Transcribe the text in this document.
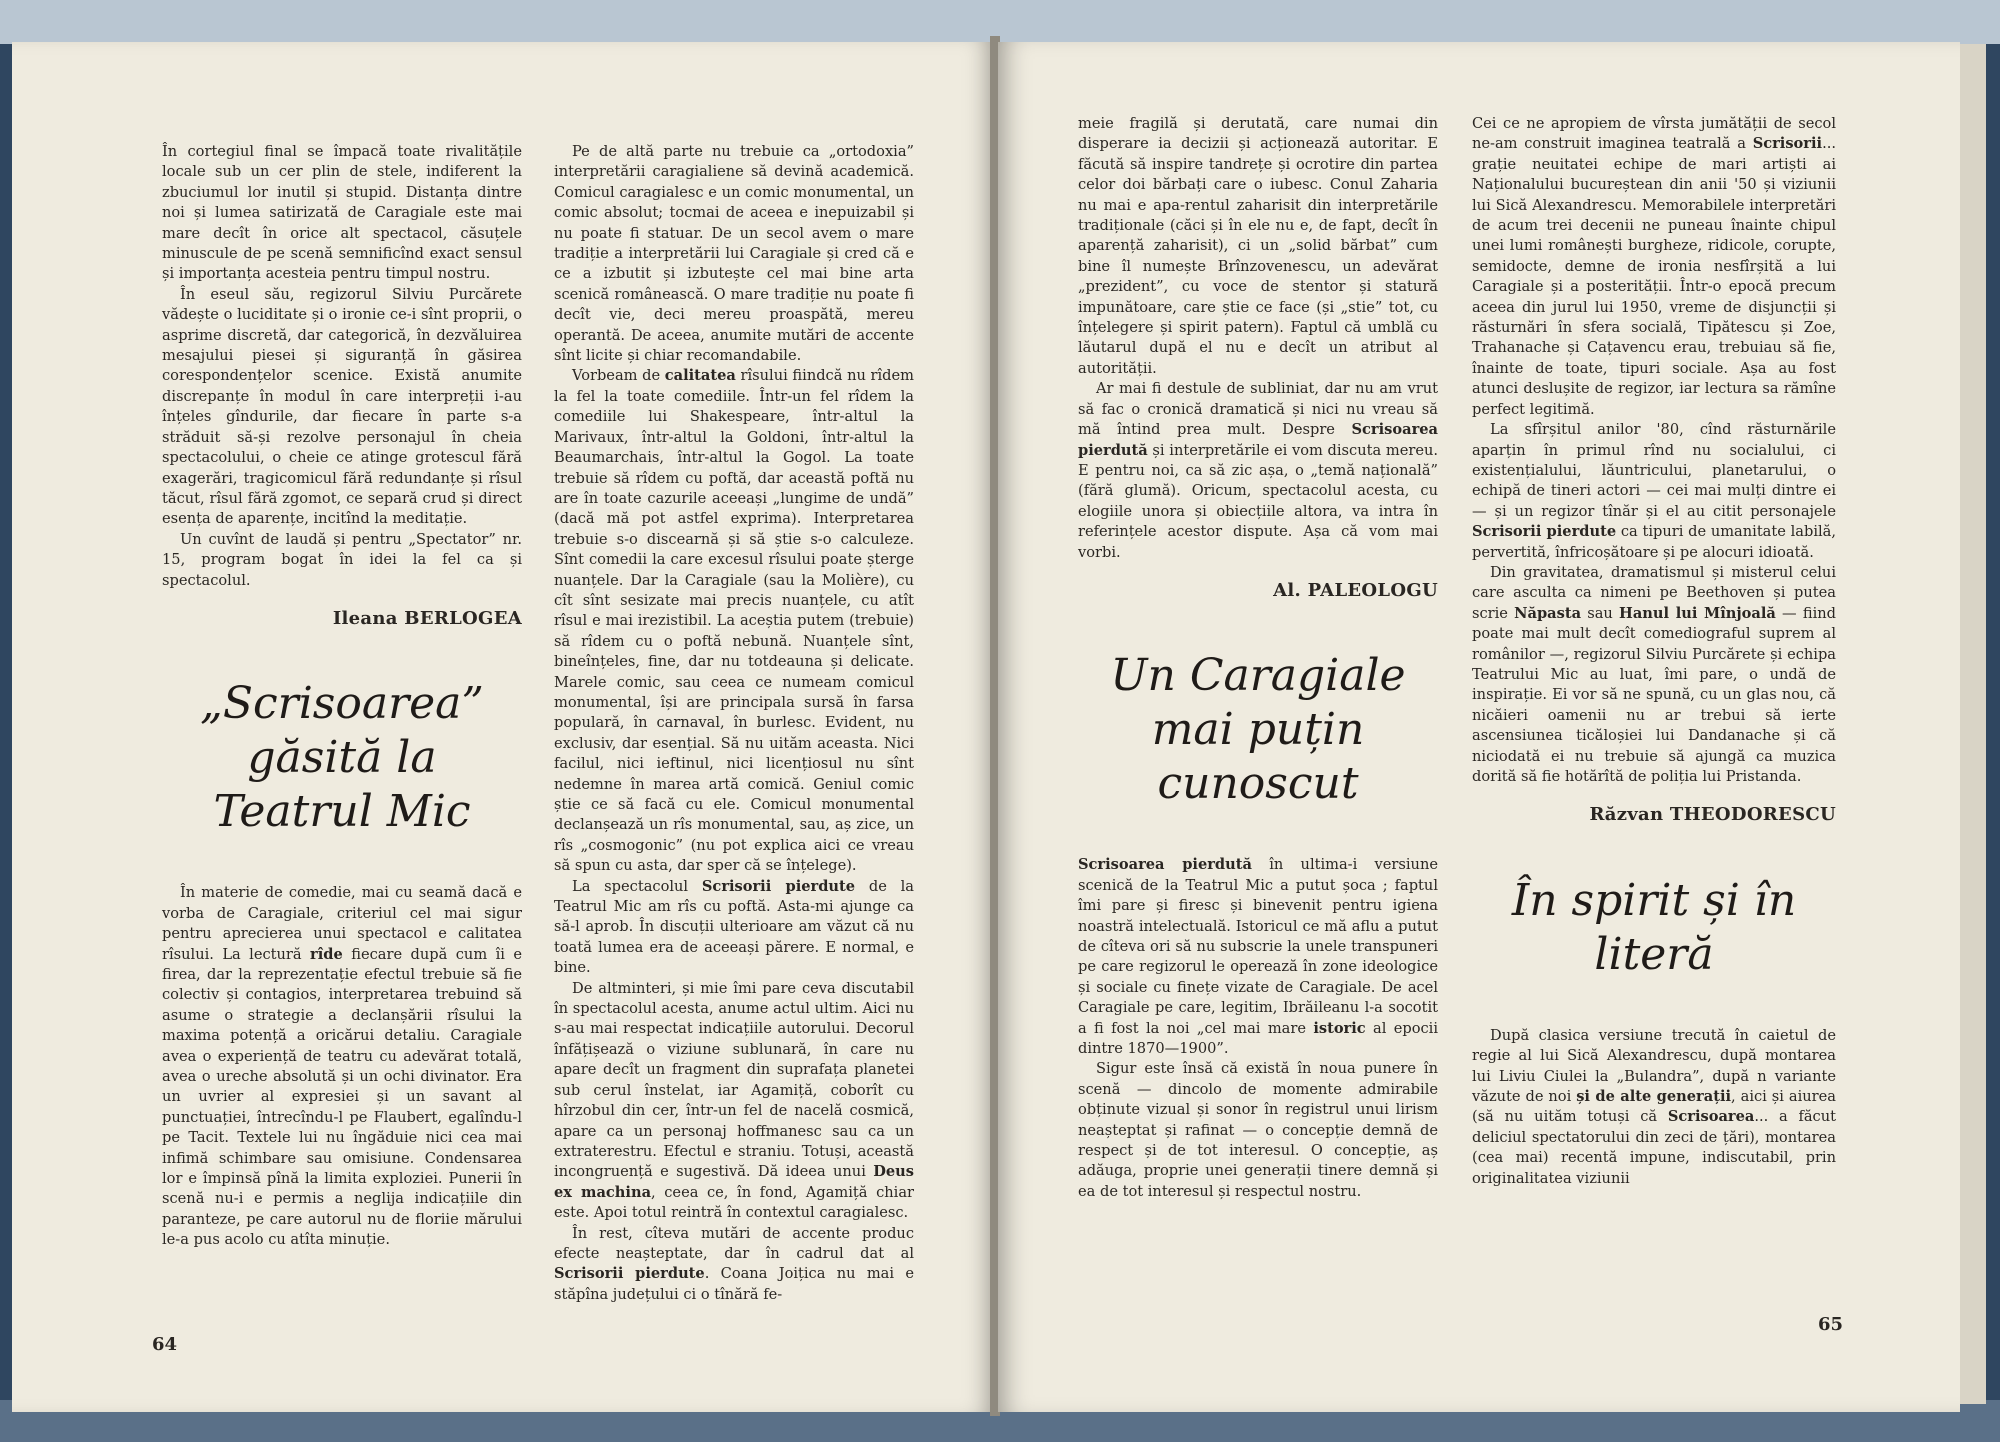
În cortegiul final se împacă toate rivalitățile locale sub un cer plin de stele, indiferent la zbuciumul lor inutil și stupid. Distanța dintre noi și lumea satirizată de Caragiale este mai mare decît în orice alt spectacol, căsuțele minuscule de pe scenă semnificînd exact sensul și importanța acesteia pentru timpul nostru.

În eseul său, regizorul Silviu Purcărete vădește o luciditate și o ironie ce-i sînt proprii, o asprime discretă, dar categorică, în dezvăluirea mesajului piesei și siguranță în găsirea corespondențelor scenice. Există anumite discrepanțe în modul în care interpreții i-au înțeles gîndurile, dar fiecare în parte s-a străduit să-și rezolve personajul în cheia spectacolului, o cheie ce atinge grotescul fără exagerări, tragicomicul fără redundanțe și rîsul tăcut, rîsul fără zgomot, ce separă crud și direct esența de aparențe, incitînd la meditație.

Un cuvînt de laudă și pentru „Spectator” nr. 15, program bogat în idei la fel ca și spectacolul.

Ileana BERLOGEA
„Scrisoarea” găsită la Teatrul Mic

În materie de comedie, mai cu seamă dacă e vorba de Caragiale, criteriul cel mai sigur pentru aprecierea unui spectacol e calitatea rîsului. La lectură rîde fiecare după cum îi e firea, dar la reprezentație efectul trebuie să fie colectiv și contagios, interpretarea trebuind să asume o strategie a declanșării rîsului la maxima potență a oricărui detaliu. Caragiale avea o experiență de teatru cu adevărat totală, avea o ureche absolută și un ochi divinator. Era un uvrier al expresiei și un savant al punctuației, întrecîndu-l pe Flaubert, egalîndu-l pe Tacit. Textele lui nu îngăduie nici cea mai infimă schimbare sau omisiune. Condensarea lor e împinsă pînă la limita exploziei. Punerii în scenă nu-i e permis a neglija indicațiile din paranteze, pe care autorul nu de floriie mărului le-a pus acolo cu atîta minuție.

Pe de altă parte nu trebuie ca „ortodoxia” interpretării caragialiene să devină academică. Comicul caragialesc e un comic monumental, un comic absolut; tocmai de aceea e inepuizabil și nu poate fi statuar. De un secol avem o mare tradiție a interpretării lui Caragiale și cred că e ce a izbutit și izbutește cel mai bine arta scenică românească. O mare tradiție nu poate fi decît vie, deci mereu proaspătă, mereu operantă. De aceea, anumite mutări de accente sînt licite și chiar recomandabile.

Vorbeam de calitatea rîsului fiindcă nu rîdem la fel la toate comediile. Într-un fel rîdem la comediile lui Shakespeare, într-altul la Marivaux, într-altul la Goldoni, într-altul la Beaumarchais, într-altul la Gogol. La toate trebuie să rîdem cu poftă, dar această poftă nu are în toate cazurile aceeași „lungime de undă” (dacă mă pot astfel exprima). Interpretarea trebuie s-o discearnă și să știe s-o calculeze. Sînt comedii la care excesul rîsului poate șterge nuanțele. Dar la Caragiale (sau la Molière), cu cît sînt sesizate mai precis nuanțele, cu atît rîsul e mai irezistibil. La aceștia putem (trebuie) să rîdem cu o poftă nebună. Nuanțele sînt, bineînțeles, fine, dar nu totdeauna și delicate. Marele comic, sau ceea ce numeam comicul monumental, își are principala sursă în farsa populară, în carnaval, în burlesc. Evident, nu exclusiv, dar esențial. Să nu uităm aceasta. Nici facilul, nici ieftinul, nici licențiosul nu sînt nedemne în marea artă comică. Geniul comic știe ce să facă cu ele. Comicul monumental declanșează un rîs monumental, sau, aș zice, un rîs „cosmogonic” (nu pot explica aici ce vreau să spun cu asta, dar sper că se înțelege).

La spectacolul Scrisorii pierdute de la Teatrul Mic am rîs cu poftă. Asta-mi ajunge ca să-l aprob. În discuții ulterioare am văzut că nu toată lumea era de aceeași părere. E normal, e bine.

De altminteri, și mie îmi pare ceva discutabil în spectacolul acesta, anume actul ultim. Aici nu s-au mai respectat indicațiile autorului. Decorul înfățișează o viziune sublunară, în care nu apare decît un fragment din suprafața planetei sub cerul înstelat, iar Agamiță, coborît cu hîrzobul din cer, într-un fel de nacelă cosmică, apare ca un personaj hoffmanesc sau ca un extraterestru. Efectul e straniu. Totuși, această incongruență e sugestivă. Dă ideea unui Deus ex machina, ceea ce, în fond, Agamiță chiar este. Apoi totul reintră în contextul caragialesc.

În rest, cîteva mutări de accente produc efecte neașteptate, dar în cadrul dat al Scrisorii pierdute. Coana Joițica nu mai e stăpîna județului ci o tînără fe-

64

meie fragilă și derutată, care numai din disperare ia decizii și acționează autoritar. E făcută să inspire tandrețe și ocrotire din partea celor doi bărbați care o iubesc. Conul Zaharia nu mai e apa-rentul zaharisit din interpretările tradiționale (căci și în ele nu e, de fapt, decît în aparență zaharisit), ci un „solid bărbat” cum bine îl numește Brînzovenescu, un adevărat „prezident”, cu voce de stentor și statură impunătoare, care știe ce face (și „stie” tot, cu înțelegere și spirit patern). Faptul că umblă cu lăutarul după el nu e decît un atribut al autorității.

Ar mai fi destule de subliniat, dar nu am vrut să fac o cronică dramatică și nici nu vreau să mă întind prea mult. Despre Scrisoarea pierdută și interpretările ei vom discuta mereu. E pentru noi, ca să zic așa, o „temă națională” (fără glumă). Oricum, spectacolul acesta, cu elogiile unora și obiecțiile altora, va intra în referințele acestor dispute. Așa că vom mai vorbi.

Al. PALEOLOGU
Un Caragiale mai puțin cunoscut

Scrisoarea pierdută în ultima-i versiune scenică de la Teatrul Mic a putut șoca ; faptul îmi pare și firesc și binevenit pentru igiena noastră intelectuală. Istoricul ce mă aflu a putut de cîteva ori să nu subscrie la unele transpuneri pe care regizorul le operează în zone ideologice și sociale cu finețe vizate de Caragiale. De acel Caragiale pe care, legitim, Ibrăileanu l-a socotit a fi fost la noi „cel mai mare istoric al epocii dintre 1870—1900”.

Sigur este însă că există în noua punere în scenă — dincolo de momente admirabile obținute vizual și sonor în registrul unui lirism neașteptat și rafinat — o concepție demnă de respect și de tot interesul. O concepție, aș adăuga, proprie unei generații tinere demnă și ea de tot interesul și respectul nostru.

Cei ce ne apropiem de vîrsta jumătății de secol ne-am construit imaginea teatrală a Scrisorii... grație neuitatei echipe de mari artiști ai Naționalului bucureștean din anii '50 și viziunii lui Sică Alexandrescu. Memorabilele interpretări de acum trei decenii ne puneau înainte chipul unei lumi românești burgheze, ridicole, corupte, semidocte, demne de ironia nesfîrșită a lui Caragiale și a posterității. Într-o epocă precum aceea din jurul lui 1950, vreme de disjuncții și răsturnări în sfera socială, Tipătescu și Zoe, Trahanache și Cațavencu erau, trebuiau să fie, înainte de toate, tipuri sociale. Așa au fost atunci deslușite de regizor, iar lectura sa rămîne perfect legitimă.

La sfîrșitul anilor '80, cînd răsturnările aparțin în primul rînd nu socialului, ci existențialului, lăuntricului, planetarului, o echipă de tineri actori — cei mai mulți dintre ei — și un regizor tînăr și el au citit personajele Scrisorii pierdute ca tipuri de umanitate labilă, pervertită, înfricoșătoare și pe alocuri idioată.

Din gravitatea, dramatismul și misterul celui care asculta ca nimeni pe Beethoven și putea scrie Năpasta sau Hanul lui Mînjoală — fiind poate mai mult decît comediograful suprem al românilor —, regizorul Silviu Purcărete și echipa Teatrului Mic au luat, îmi pare, o undă de inspirație. Ei vor să ne spună, cu un glas nou, că nicăieri oamenii nu ar trebui să ierte ascensiunea ticăloșiei lui Dandanache și că niciodată ei nu trebuie să ajungă ca muzica dorită să fie hotărîtă de poliția lui Pristanda.

Răzvan THEODORESCU
În spirit și în literă

După clasica versiune trecută în caietul de regie al lui Sică Alexandrescu, după montarea lui Liviu Ciulei la „Bulandra”, după n variante văzute de noi și de alte generații, aici și aiurea (să nu uităm totuși că Scrisoarea... a făcut deliciul spectatorului din zeci de țări), montarea (cea mai) recentă impune, indiscutabil, prin originalitatea viziunii

65
